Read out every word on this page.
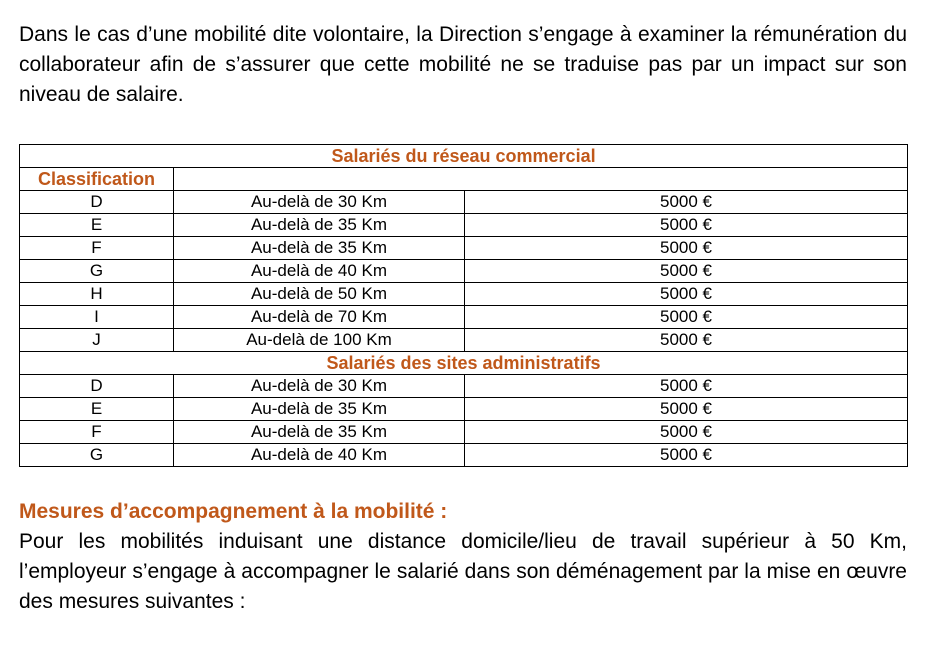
Dans le cas d’une mobilité dite volontaire, la Direction s’engage à examiner la rémunération du collaborateur afin de s’assurer que cette mobilité ne se traduise pas par un impact sur son niveau de salaire.

Salariés du réseau commercial		
Classification		
D	Au-delà de 30 Km	5000 €
E	Au-delà de 35 Km	5000 €
F	Au-delà de 35 Km	5000 €
G	Au-delà de 40 Km	5000 €
H	Au-delà de 50 Km	5000 €
I	Au-delà de 70 Km	5000 €
J	Au-delà de 100 Km	5000 €
Salariés des sites administratifs		
D	Au-delà de 30 Km	5000 €
E	Au-delà de 35 Km	5000 €
F	Au-delà de 35 Km	5000 €
G	Au-delà de 40 Km	5000 €

Mesures d’accompagnement à la mobilité :

Pour les mobilités induisant une distance domicile/lieu de travail supérieur à 50 Km, l’employeur s’engage à accompagner le salarié dans son déménagement par la mise en œuvre des mesures suivantes :
